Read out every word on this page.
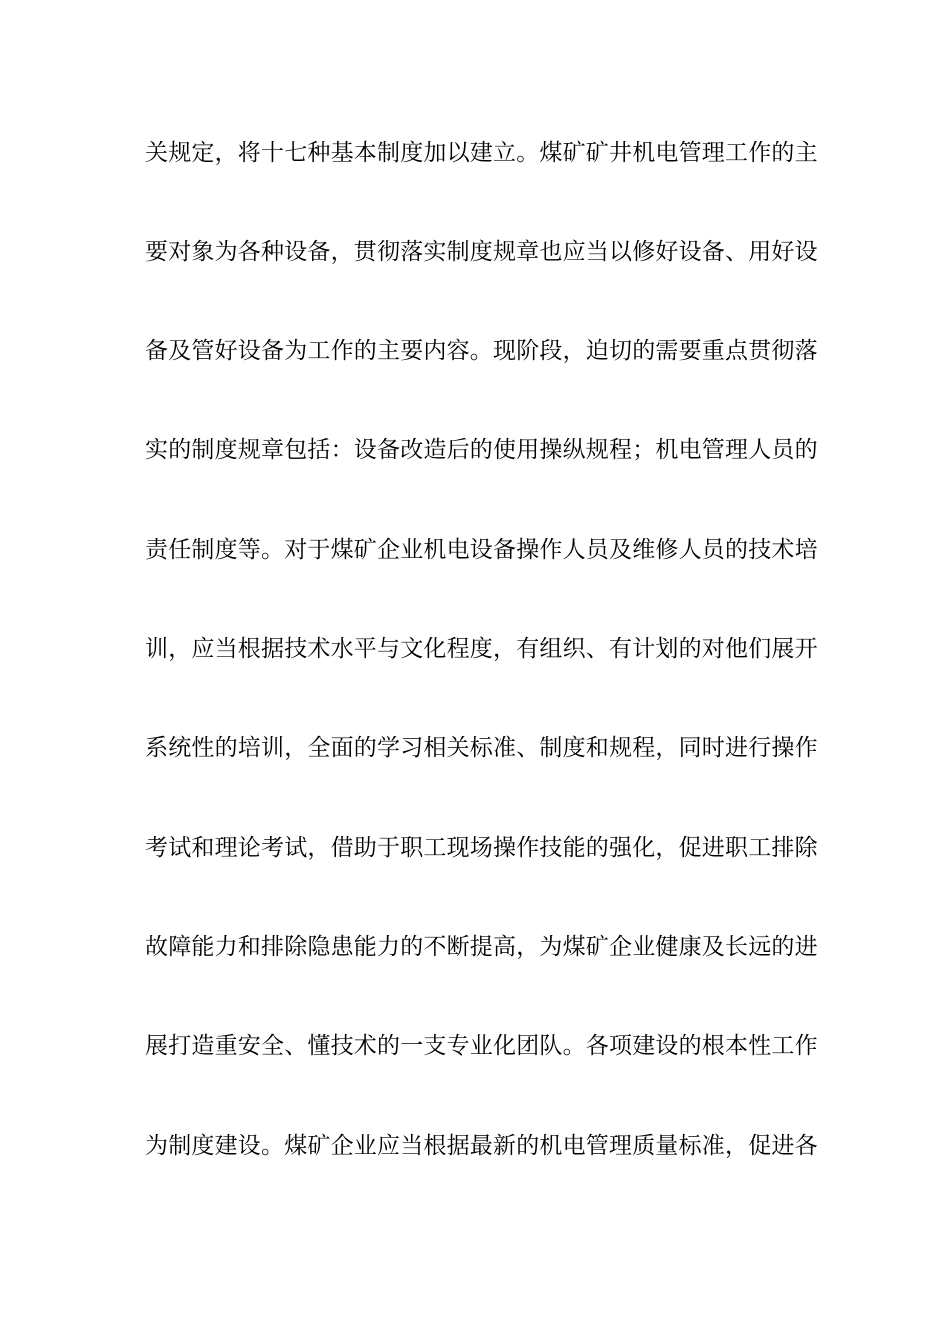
关规定，将十七种基本制度加以建立。煤矿矿井机电管理工作的主

要对象为各种设备，贯彻落实制度规章也应当以修好设备、用好设

备及管好设备为工作的主要内容。现阶段，迫切的需要重点贯彻落

实的制度规章包括：设备改造后的使用操纵规程；机电管理人员的

责任制度等。对于煤矿企业机电设备操作人员及维修人员的技术培

训，应当根据技术水平与文化程度，有组织、有计划的对他们展开

系统性的培训，全面的学习相关标准、制度和规程，同时进行操作

考试和理论考试，借助于职工现场操作技能的强化，促进职工排除

故障能力和排除隐患能力的不断提高，为煤矿企业健康及长远的进

展打造重安全、懂技术的一支专业化团队。各项建设的根本性工作

为制度建设。煤矿企业应当根据最新的机电管理质量标准，促进各
